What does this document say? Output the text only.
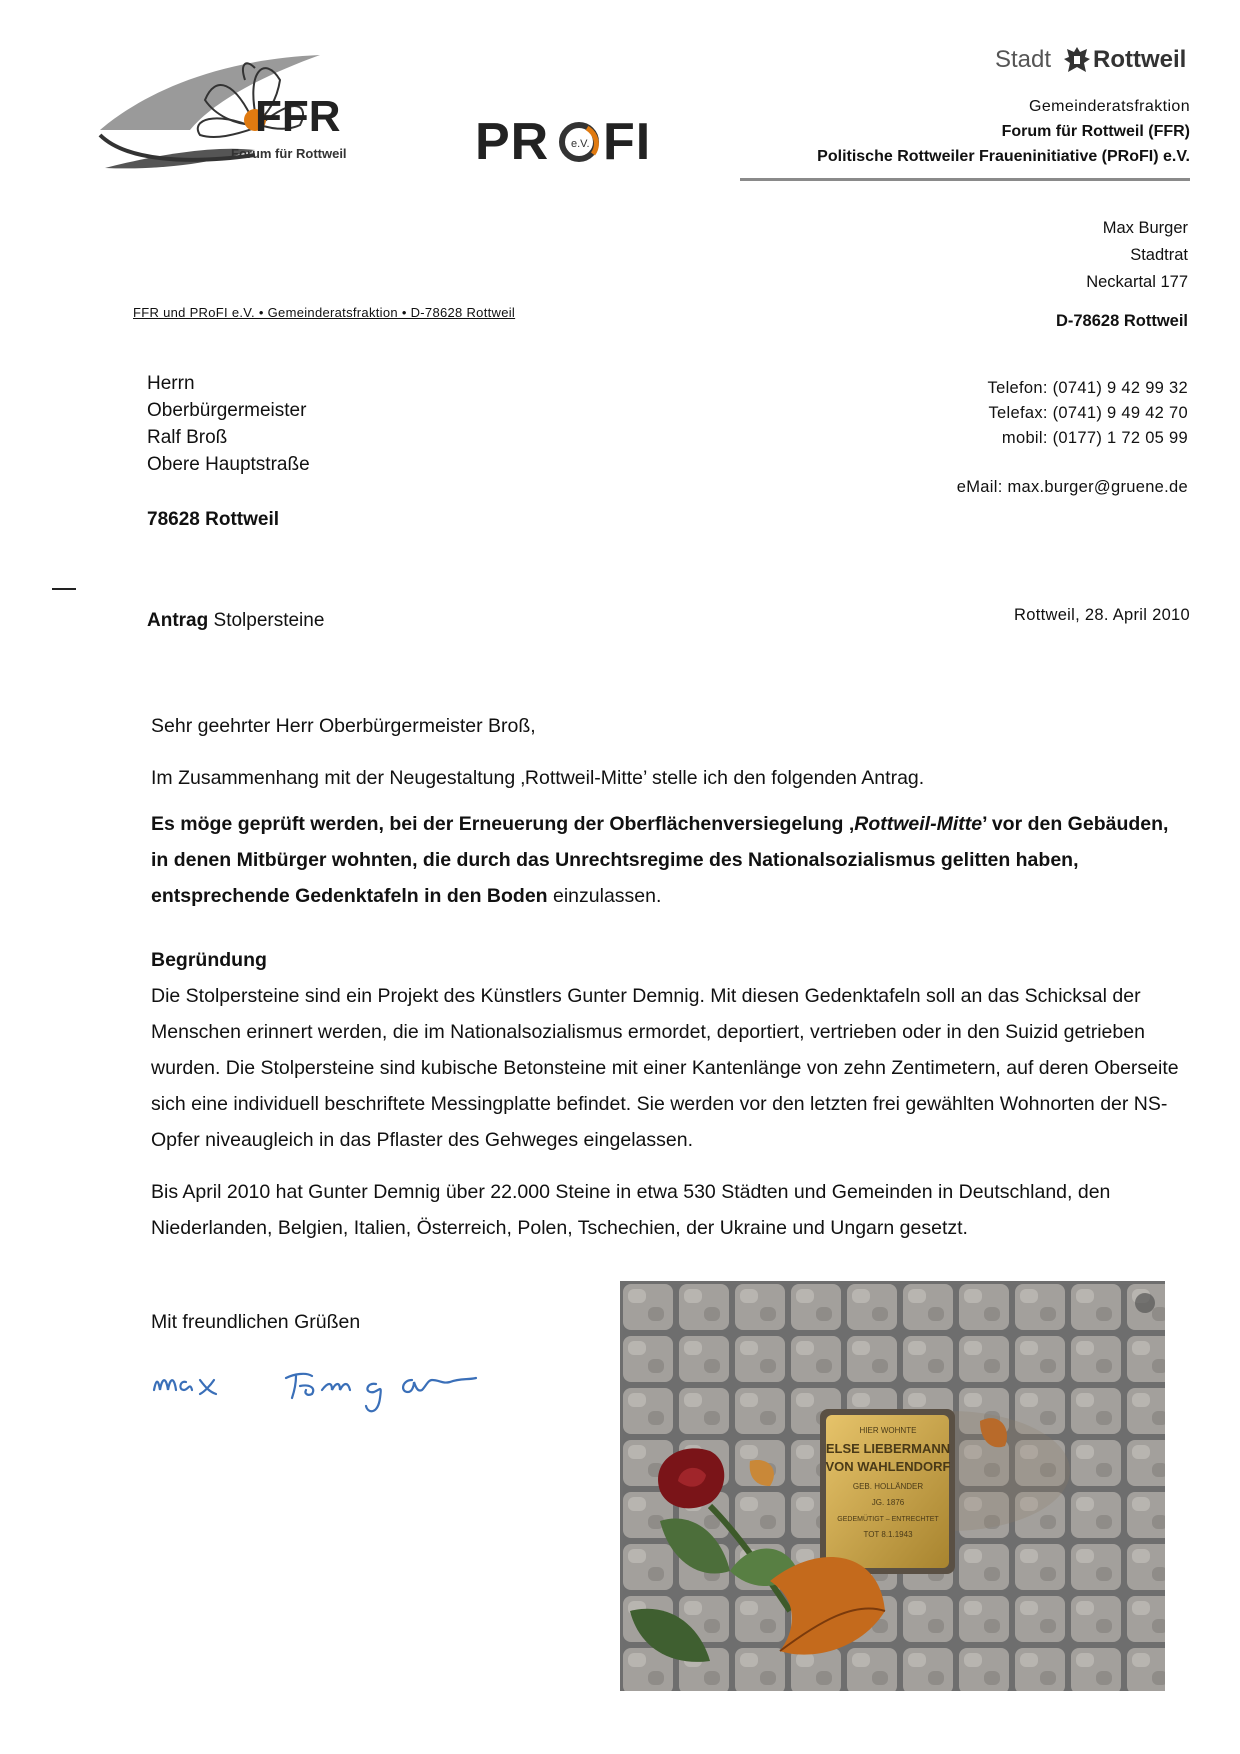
FFR
Forum für Rottweil PR e.V. FI
Stadt Rottweil
Gemeinderatsfraktion
Forum für Rottweil (FFR)
Politische Rottweiler Fraueninitiative (PRoFI) e.V.
Max Burger
Stadtrat
Neckartal 177
D-78628 Rottweil
FFR und PRoFI e.V. • Gemeinderatsfraktion • D-78628 Rottweil
Herrn
Oberbürgermeister
Ralf Broß
Obere Hauptstraße
78628 Rottweil
Telefon: (0741) 9 42 99 32
Telefax: (0741) 9 49 42 70
mobil: (0177) 1 72 05 99
eMail: max.burger@gruene.de
Antrag Stolpersteine	Rottweil, 28. April 2010
Sehr geehrter Herr Oberbürgermeister Broß,
Im Zusammenhang mit der Neugestaltung ‚Rottweil-Mitte’ stelle ich den folgenden Antrag.
Es möge geprüft werden, bei der Erneuerung der Oberflächenversiegelung ‚Rottweil-Mitte’ vor den Gebäuden, in denen Mitbürger wohnten, die durch das Unrechtsregime des Nationalsozialismus gelitten haben, entsprechende Gedenktafeln in den Boden einzulassen.
Begründung
Die Stolpersteine sind ein Projekt des Künstlers Gunter Demnig. Mit diesen Gedenktafeln soll an das Schicksal der Menschen erinnert werden, die im Nationalsozialismus ermordet, deportiert, vertrieben oder in den Suizid getrieben wurden. Die Stolpersteine sind kubische Betonsteine mit einer Kantenlänge von zehn Zentimetern, auf deren Oberseite sich eine individuell beschriftete Messingplatte befindet. Sie werden vor den letzten frei gewählten Wohnorten der NS-Opfer niveaugleich in das Pflaster des Gehweges eingelassen.
Bis April 2010 hat Gunter Demnig über 22.000 Steine in etwa 530 Städten und Gemeinden in Deutschland, den Niederlanden, Belgien, Italien, Österreich, Polen, Tschechien, der Ukraine und Ungarn gesetzt.
Mit freundlichen Grüßen
HIER WOHNTE
ELSE LIEBERMANN
VON WAHLENDORF
GEB. HOLLÄNDER
JG. 1876
GEDEMÜTIGT – ENTRECHTET
TOT 8.1.1943
